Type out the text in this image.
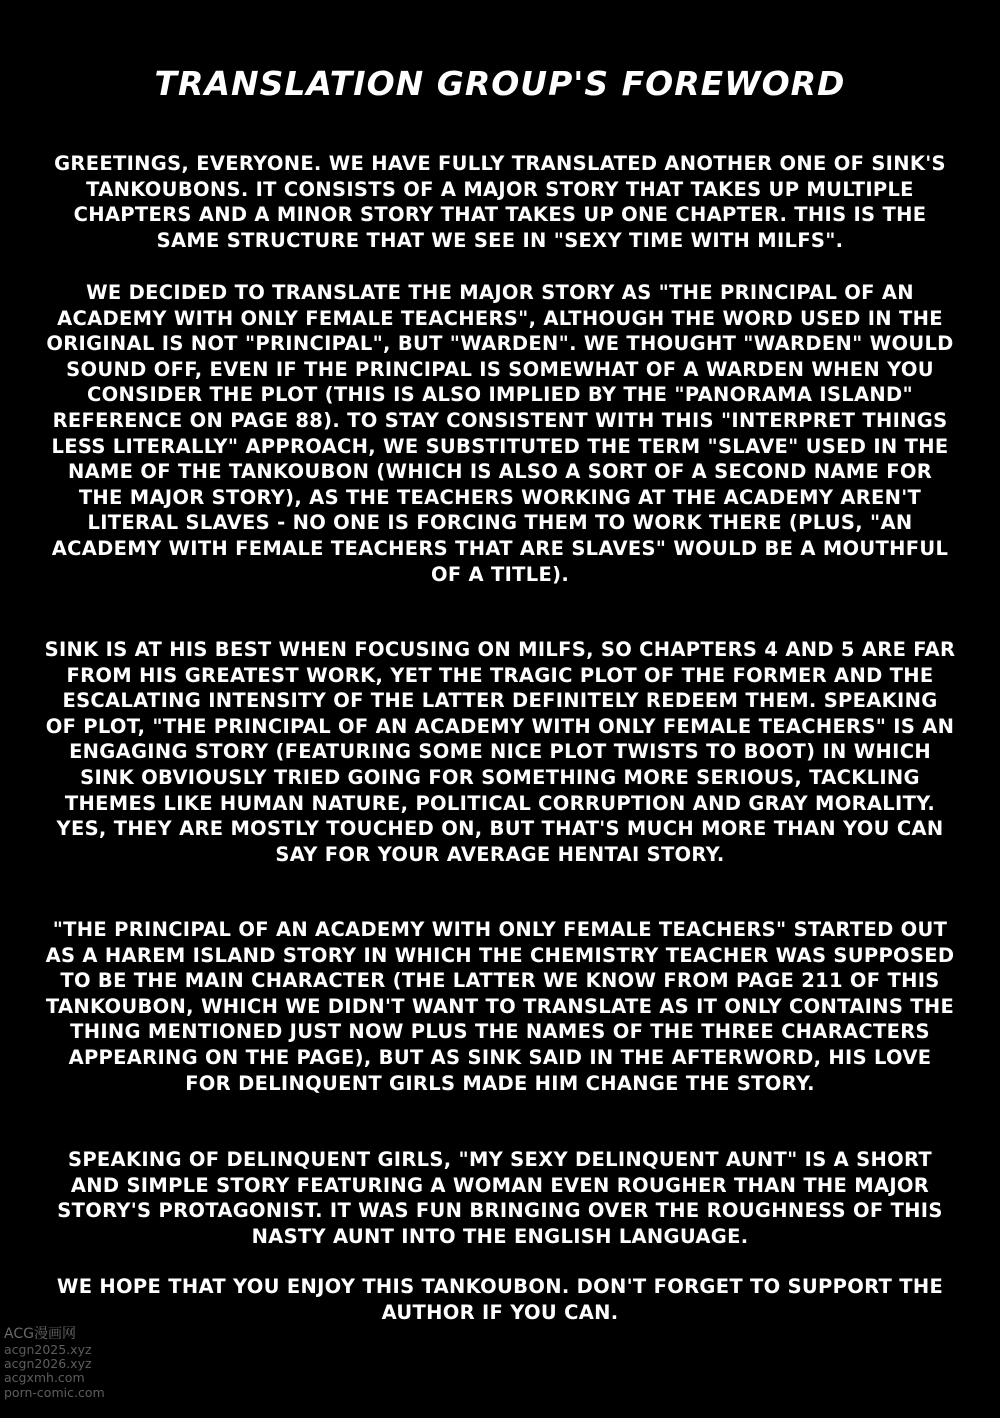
TRANSLATION GROUP'S FOREWORD

GREETINGS, EVERYONE. WE HAVE FULLY TRANSLATED ANOTHER ONE OF SINK'S TANKOUBONS. IT CONSISTS OF A MAJOR STORY THAT TAKES UP MULTIPLE CHAPTERS AND A MINOR STORY THAT TAKES UP ONE CHAPTER. THIS IS THE SAME STRUCTURE THAT WE SEE IN "SEXY TIME WITH MILFS".

WE DECIDED TO TRANSLATE THE MAJOR STORY AS "THE PRINCIPAL OF AN ACADEMY WITH ONLY FEMALE TEACHERS", ALTHOUGH THE WORD USED IN THE ORIGINAL IS NOT "PRINCIPAL", BUT "WARDEN". WE THOUGHT "WARDEN" WOULD SOUND OFF, EVEN IF THE PRINCIPAL IS SOMEWHAT OF A WARDEN WHEN YOU CONSIDER THE PLOT (THIS IS ALSO IMPLIED BY THE "PANORAMA ISLAND" REFERENCE ON PAGE 88). TO STAY CONSISTENT WITH THIS "INTERPRET THINGS LESS LITERALLY" APPROACH, WE SUBSTITUTED THE TERM "SLAVE" USED IN THE NAME OF THE TANKOUBON (WHICH IS ALSO A SORT OF A SECOND NAME FOR THE MAJOR STORY), AS THE TEACHERS WORKING AT THE ACADEMY AREN'T LITERAL SLAVES - NO ONE IS FORCING THEM TO WORK THERE (PLUS, "AN ACADEMY WITH FEMALE TEACHERS THAT ARE SLAVES" WOULD BE A MOUTHFUL OF A TITLE).

SINK IS AT HIS BEST WHEN FOCUSING ON MILFS, SO CHAPTERS 4 AND 5 ARE FAR FROM HIS GREATEST WORK, YET THE TRAGIC PLOT OF THE FORMER AND THE ESCALATING INTENSITY OF THE LATTER DEFINITELY REDEEM THEM. SPEAKING OF PLOT, "THE PRINCIPAL OF AN ACADEMY WITH ONLY FEMALE TEACHERS" IS AN ENGAGING STORY (FEATURING SOME NICE PLOT TWISTS TO BOOT) IN WHICH SINK OBVIOUSLY TRIED GOING FOR SOMETHING MORE SERIOUS, TACKLING THEMES LIKE HUMAN NATURE, POLITICAL CORRUPTION AND GRAY MORALITY. YES, THEY ARE MOSTLY TOUCHED ON, BUT THAT'S MUCH MORE THAN YOU CAN SAY FOR YOUR AVERAGE HENTAI STORY.

"THE PRINCIPAL OF AN ACADEMY WITH ONLY FEMALE TEACHERS" STARTED OUT AS A HAREM ISLAND STORY IN WHICH THE CHEMISTRY TEACHER WAS SUPPOSED TO BE THE MAIN CHARACTER (THE LATTER WE KNOW FROM PAGE 211 OF THIS TANKOUBON, WHICH WE DIDN'T WANT TO TRANSLATE AS IT ONLY CONTAINS THE THING MENTIONED JUST NOW PLUS THE NAMES OF THE THREE CHARACTERS APPEARING ON THE PAGE), BUT AS SINK SAID IN THE AFTERWORD, HIS LOVE FOR DELINQUENT GIRLS MADE HIM CHANGE THE STORY.

SPEAKING OF DELINQUENT GIRLS, "MY SEXY DELINQUENT AUNT" IS A SHORT AND SIMPLE STORY FEATURING A WOMAN EVEN ROUGHER THAN THE MAJOR STORY'S PROTAGONIST. IT WAS FUN BRINGING OVER THE ROUGHNESS OF THIS NASTY AUNT INTO THE ENGLISH LANGUAGE.

WE HOPE THAT YOU ENJOY THIS TANKOUBON. DON'T FORGET TO SUPPORT THE AUTHOR IF YOU CAN.

ACG漫画网
acgn2025.xyz
acgn2026.xyz
acgxmh.com
porn-comic.com
